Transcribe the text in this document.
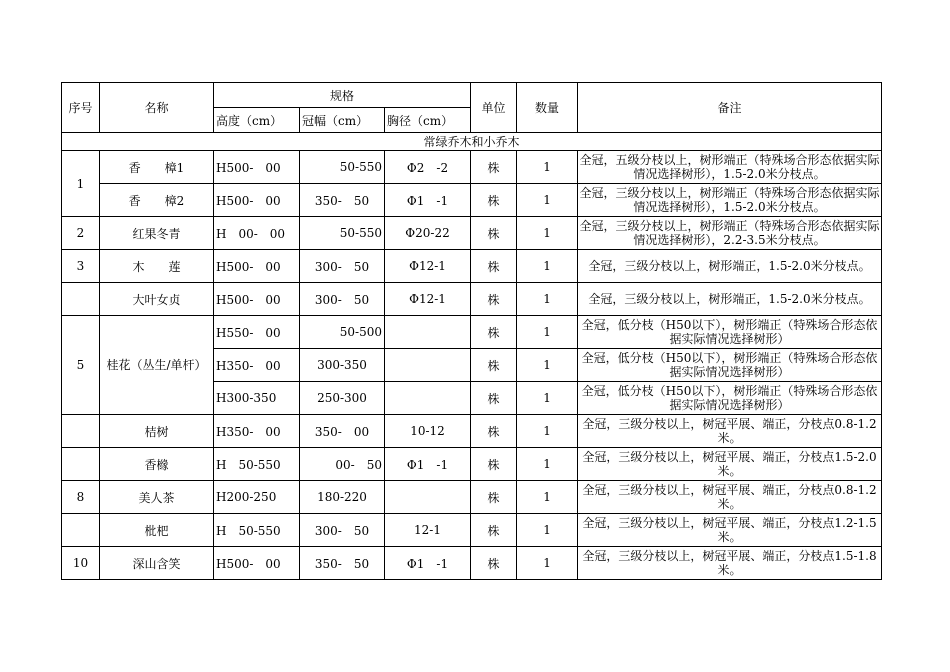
序号	名称	规格			单位	数量	备注
		高度（cm）	冠幅（cm）	胸径（cm）			
常绿乔木和小乔木							
1	香　　樟1	H500-　00	50-550	Φ2　-2	株	1	全冠，五级分枝以上，树形端正（特殊场合形态依据实际情况选择树形），1.5-2.0米分枝点。
	香　　樟2	H500-　00	350-　50	Φ1　-1	株	1	全冠，三级分枝以上，树形端正（特殊场合形态依据实际情况选择树形），1.5-2.0米分枝点。
2	红果冬青	H　00-　00	50-550	Φ20-22	株	1	全冠，三级分枝以上，树形端正（特殊场合形态依据实际情况选择树形），2.2-3.5米分枝点。
3	木　　莲	H500-　00	300-　50	Φ12-1	株	1	全冠，三级分枝以上，树形端正，1.5-2.0米分枝点。
	大叶女贞	H500-　00	300-　50	Φ12-1	株	1	全冠，三级分枝以上，树形端正，1.5-2.0米分枝点。
5	桂花（丛生/单杆）	H550-　00	50-500		株	1	全冠，低分枝（H50以下），树形端正（特殊场合形态依据实际情况选择树形）
		H350-　00	300-350		株	1	全冠，低分枝（H50以下），树形端正（特殊场合形态依据实际情况选择树形）
		H300-350	250-300		株	1	全冠，低分枝（H50以下），树形端正（特殊场合形态依据实际情况选择树形）
	桔树	H350-　00	350-　00	10-12	株	1	全冠，三级分枝以上，树冠平展、端正，分枝点0.8-1.2米。
	香橼	H　50-550	00-　50	Φ1　-1	株	1	全冠，三级分枝以上，树冠平展、端正，分枝点1.5-2.0米。
8	美人茶	H200-250	180-220		株	1	全冠，三级分枝以上，树冠平展、端正，分枝点0.8-1.2米。
	枇杷	H　50-550	300-　50	12-1	株	1	全冠，三级分枝以上，树冠平展、端正，分枝点1.2-1.5米。
10	深山含笑	H500-　00	350-　50	Φ1　-1	株	1	全冠，三级分枝以上，树冠平展、端正，分枝点1.5-1.8米。
